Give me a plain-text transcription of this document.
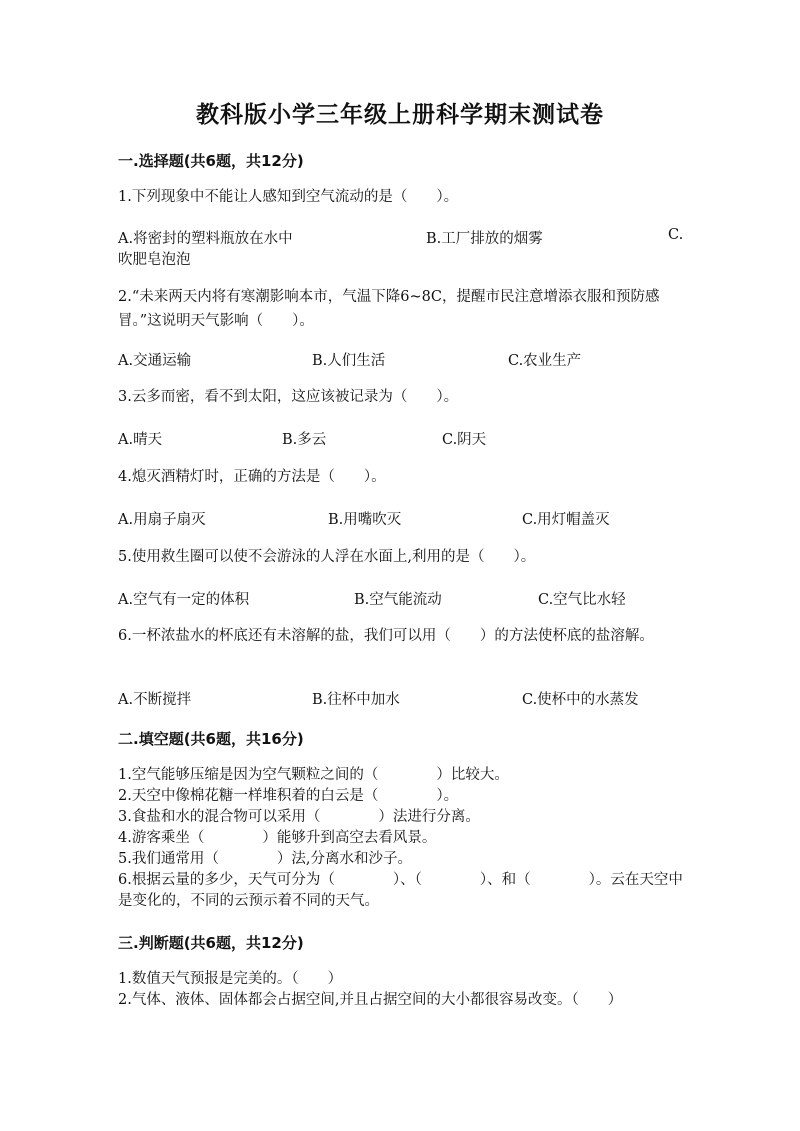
教科版小学三年级上册科学期末测试卷
一.选择题(共6题，共12分)
1.下列现象中不能让人感知到空气流动的是（　　）。
A.将密封的塑料瓶放在水中	B.工厂排放的烟雾	C.
吹肥皂泡泡
2.“未来两天内将有寒潮影响本市，气温下降6~8C，提醒市民注意增添衣服和预防感冒。”这说明天气影响（　　）。
A.交通运输	B.人们生活	C.农业生产
3.云多而密，看不到太阳，这应该被记录为（　　）。
A.晴天	B.多云	C.阴天
4.熄灭酒精灯时，正确的方法是（　　）。
A.用扇子扇灭	B.用嘴吹灭	C.用灯帽盖灭
5.使用救生圈可以使不会游泳的人浮在水面上,利用的是（　　）。
A.空气有一定的体积	B.空气能流动	C.空气比水轻
6.一杯浓盐水的杯底还有未溶解的盐，我们可以用（　　）的方法使杯底的盐溶解。
A.不断搅拌	B.往杯中加水	C.使杯中的水蒸发
二.填空题(共6题，共16分)
1.空气能够压缩是因为空气颗粒之间的（　　　　）比较大。
2.天空中像棉花糖一样堆积着的白云是（　　　　）。
3.食盐和水的混合物可以采用（　　　　）法进行分离。
4.游客乘坐（　　　　）能够升到高空去看风景。
5.我们通常用（　　　　）法,分离水和沙子。
6.根据云量的多少，天气可分为（　　　　）、（　　　　）、和（　　　　）。云在天空中是变化的，不同的云预示着不同的天气。
三.判断题(共6题，共12分)
1.数值天气预报是完美的。（　　）
2.气体、液体、固体都会占据空间,并且占据空间的大小都很容易改变。（　　）
